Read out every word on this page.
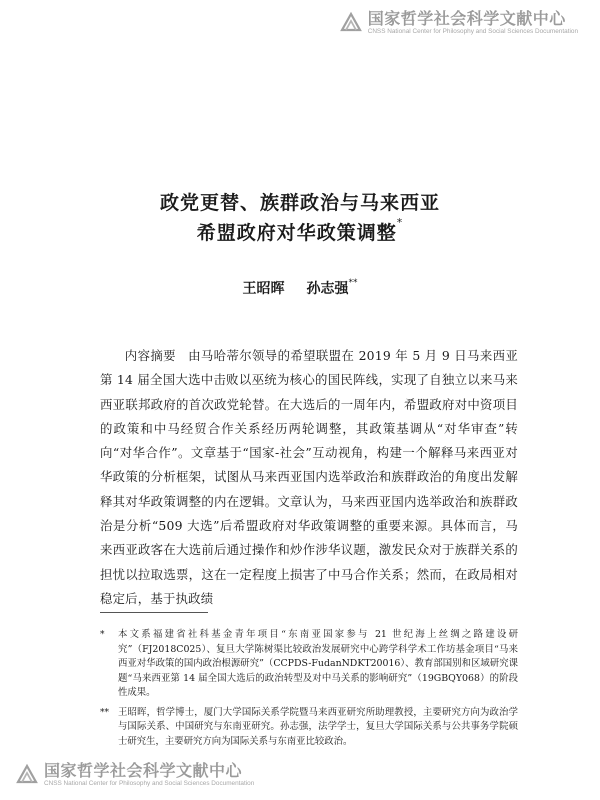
国家哲学社会科学文献中心
CNSS National Center for Philosophy and Social Sciences Documentation
政党更替、族群政治与马来西亚
希盟政府对华政策调整*
王昭晖 孙志强**
内容摘要 由马哈蒂尔领导的希望联盟在 2019 年 5 月 9 日马来西亚第 14 届全国大选中击败以巫统为核心的国民阵线，实现了自独立以来马来西亚联邦政府的首次政党轮替。在大选后的一周年内，希盟政府对中资项目的政策和中马经贸合作关系经历两轮调整，其政策基调从“对华审查”转向“对华合作”。文章基于“国家-社会”互动视角，构建一个解释马来西亚对华政策的分析框架，试图从马来西亚国内选举政治和族群政治的角度出发解释其对华政策调整的内在逻辑。文章认为，马来西亚国内选举政治和族群政治是分析“509 大选”后希盟政府对华政策调整的重要来源。具体而言，马来西亚政客在大选前后通过操作和炒作涉华议题，激发民众对于族群关系的担忧以拉取选票，这在一定程度上损害了中马合作关系；然而，在政局相对稳定后，基于执政绩
*	本文系福建省社科基金青年项目“东南亚国家参与 21 世纪海上丝绸之路建设研究”（FJ2018C025）、复旦大学陈树渠比较政治发展研究中心跨学科学术工作坊基金项目“马来西亚对华政策的国内政治根源研究”（CCPDS-FudanNDKT20016）、教育部国别和区域研究课题“马来西亚第 14 届全国大选后的政治转型及对中马关系的影响研究”（19GBQY068）的阶段性成果。
** 王昭晖，哲学博士，厦门大学国际关系学院暨马来西亚研究所助理教授，主要研究方向为政治学与国际关系、中国研究与东南亚研究。孙志强，法学学士，复旦大学国际关系与公共事务学院硕士研究生，主要研究方向为国际关系与东南亚比较政治。
国家哲学社会科学文献中心
CNSS National Center for Philosophy and Social Sciences Documentation
